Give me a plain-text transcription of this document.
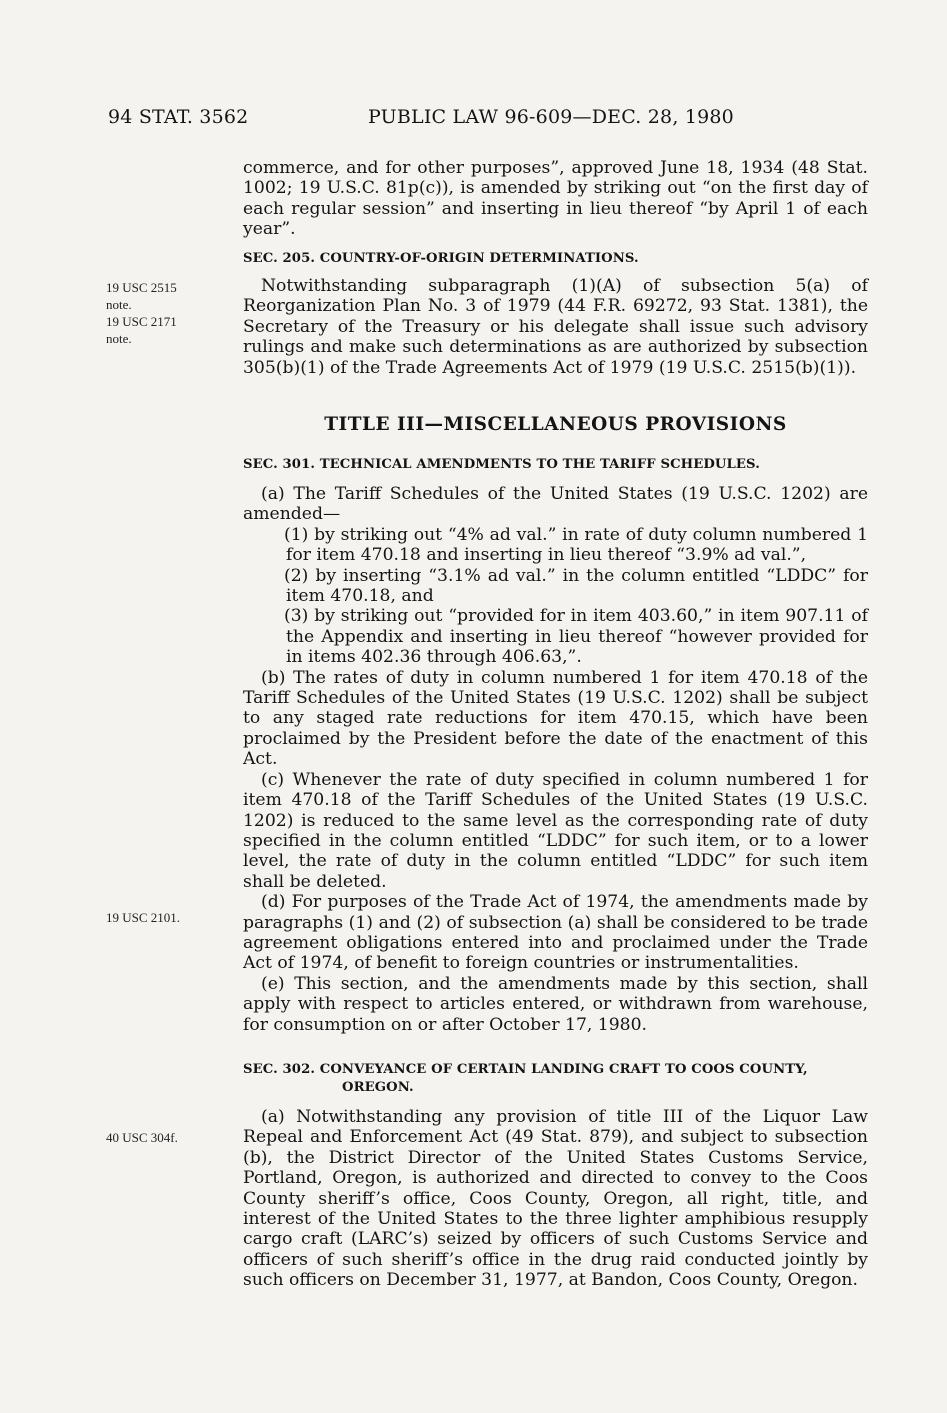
94 STAT. 3562	PUBLIC LAW 96-609—DEC. 28, 1980

commerce, and for other purposes”, approved June 18, 1934 (48 Stat. 1002; 19 U.S.C. 81p(c)), is amended by striking out “on the first day of each regular session” and inserting in lieu thereof “by April 1 of each year”.

SEC. 205. COUNTRY-OF-ORIGIN DETERMINATIONS.
19 USC 2515
note.
19 USC 2171
note.

Notwithstanding subparagraph (1)(A) of subsection 5(a) of Reorganization Plan No. 3 of 1979 (44 F.R. 69272, 93 Stat. 1381), the Secretary of the Treasury or his delegate shall issue such advisory rulings and make such determinations as are authorized by subsection 305(b)(1) of the Trade Agreements Act of 1979 (19 U.S.C. 2515(b)(1)).

TITLE III—MISCELLANEOUS PROVISIONS
SEC. 301. TECHNICAL AMENDMENTS TO THE TARIFF SCHEDULES.

(a) The Tariff Schedules of the United States (19 U.S.C. 1202) are amended—

(1) by striking out “4% ad val.” in rate of duty column numbered 1 for item 470.18 and inserting in lieu thereof “3.9% ad val.”,

(2) by inserting “3.1% ad val.” in the column entitled “LDDC” for item 470.18, and

(3) by striking out “provided for in item 403.60,” in item 907.11 of the Appendix and inserting in lieu thereof “however provided for in items 402.36 through 406.63,”.

(b) The rates of duty in column numbered 1 for item 470.18 of the Tariff Schedules of the United States (19 U.S.C. 1202) shall be subject to any staged rate reductions for item 470.15, which have been proclaimed by the President before the date of the enactment of this Act.

(c) Whenever the rate of duty specified in column numbered 1 for item 470.18 of the Tariff Schedules of the United States (19 U.S.C. 1202) is reduced to the same level as the corresponding rate of duty specified in the column entitled “LDDC” for such item, or to a lower level, the rate of duty in the column entitled “LDDC” for such item shall be deleted.

(d) For purposes of the Trade Act of 1974, the amendments made by paragraphs (1) and (2) of subsection (a) shall be considered to be trade agreement obligations entered into and proclaimed under the Trade Act of 1974, of benefit to foreign countries or instrumentalities.

(e) This section, and the amendments made by this section, shall apply with respect to articles entered, or withdrawn from warehouse, for consumption on or after October 17, 1980.

19 USC 2101.
SEC. 302. CONVEYANCE OF CERTAIN LANDING CRAFT TO COOS COUNTY,
OREGON.
40 USC 304f.

(a) Notwithstanding any provision of title III of the Liquor Law Repeal and Enforcement Act (49 Stat. 879), and subject to subsection (b), the District Director of the United States Customs Service, Portland, Oregon, is authorized and directed to convey to the Coos County sheriff’s office, Coos County, Oregon, all right, title, and interest of the United States to the three lighter amphibious resupply cargo craft (LARC’s) seized by officers of such Customs Service and officers of such sheriff’s office in the drug raid conducted jointly by such officers on December 31, 1977, at Bandon, Coos County, Oregon.
